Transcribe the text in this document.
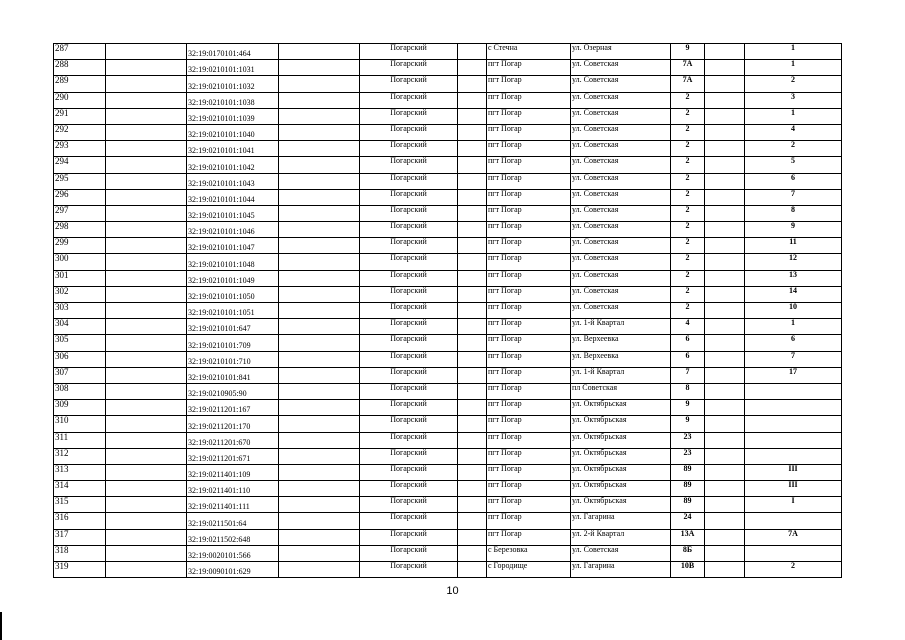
287		32:19:0170101:464		Погарский		с Стечна	ул. Озерная	9		1
288		32:19:0210101:1031		Погарский		пгт Погар	ул. Советская	7А		1
289		32:19:0210101:1032		Погарский		пгт Погар	ул. Советская	7А		2
290		32:19:0210101:1038		Погарский		пгт Погар	ул. Советская	2		3
291		32:19:0210101:1039		Погарский		пгт Погар	ул. Советская	2		1
292		32:19:0210101:1040		Погарский		пгт Погар	ул. Советская	2		4
293		32:19:0210101:1041		Погарский		пгт Погар	ул. Советская	2		2
294		32:19:0210101:1042		Погарский		пгт Погар	ул. Советская	2		5
295		32:19:0210101:1043		Погарский		пгт Погар	ул. Советская	2		6
296		32:19:0210101:1044		Погарский		пгт Погар	ул. Советская	2		7
297		32:19:0210101:1045		Погарский		пгт Погар	ул. Советская	2		8
298		32:19:0210101:1046		Погарский		пгт Погар	ул. Советская	2		9
299		32:19:0210101:1047		Погарский		пгт Погар	ул. Советская	2		11
300		32:19:0210101:1048		Погарский		пгт Погар	ул. Советская	2		12
301		32:19:0210101:1049		Погарский		пгт Погар	ул. Советская	2		13
302		32:19:0210101:1050		Погарский		пгт Погар	ул. Советская	2		14
303		32:19:0210101:1051		Погарский		пгт Погар	ул. Советская	2		10
304		32:19:0210101:647		Погарский		пгт Погар	ул. 1-й Квартал	4		1
305		32:19:0210101:709		Погарский		пгт Погар	ул. Верхеевка	6		6
306		32:19:0210101:710		Погарский		пгт Погар	ул. Верхеевка	6		7
307		32:19:0210101:841		Погарский		пгт Погар	ул. 1-й Квартал	7		17
308		32:19:0210905:90		Погарский		пгт Погар	пл Советская	8		
309		32:19:0211201:167		Погарский		пгт Погар	ул. Октябрьская	9		
310		32:19:0211201:170		Погарский		пгт Погар	ул. Октябрьская	9		
311		32:19:0211201:670		Погарский		пгт Погар	ул. Октябрьская	23		
312		32:19:0211201:671		Погарский		пгт Погар	ул. Октябрьская	23		
313		32:19:0211401:109		Погарский		пгт Погар	ул. Октябрьская	89		III
314		32:19:0211401:110		Погарский		пгт Погар	ул. Октябрьская	89		III
315		32:19:0211401:111		Погарский		пгт Погар	ул. Октябрьская	89		I
316		32:19:0211501:64		Погарский		пгт Погар	ул. Гагарина	24		
317		32:19:0211502:648		Погарский		пгт Погар	ул. 2-й Квартал	13А		7А
318		32:19:0020101:566		Погарский		с Березовка	ул. Советская	8Б		
319		32:19:0090101:629		Погарский		с Городище	ул. Гагарина	10В		2
10
